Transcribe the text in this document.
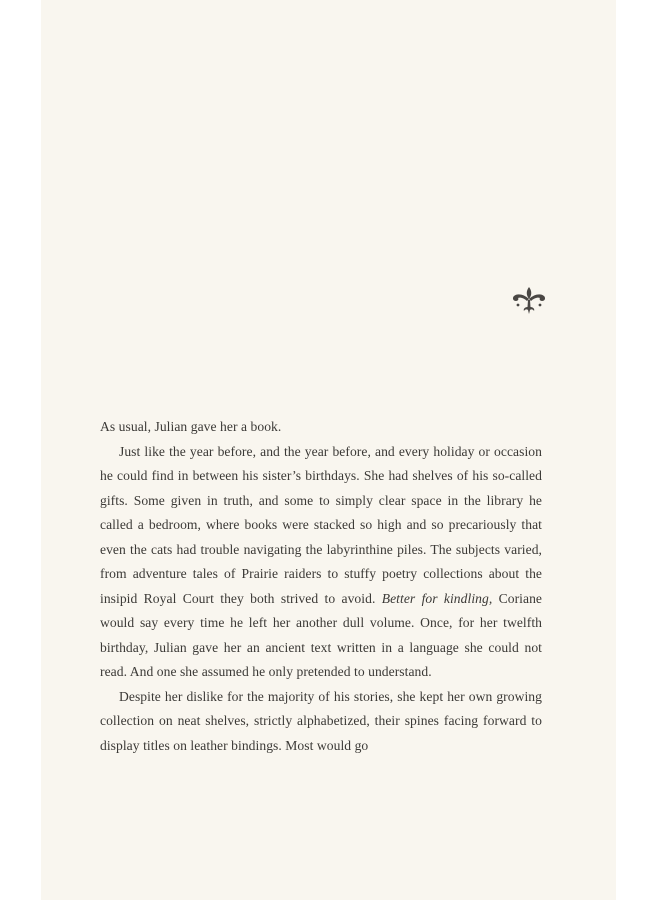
As usual, Julian gave her a book.

Just like the year before, and the year before, and every holiday or occasion he could find in between his sister’s birthdays. She had shelves of his so-called gifts. Some given in truth, and some to simply clear space in the library he called a bedroom, where books were stacked so high and so precariously that even the cats had trouble navigating the labyrinthine piles. The subjects varied, from adventure tales of Prairie raiders to stuffy poetry collections about the insipid Royal Court they both strived to avoid. Better for kindling, Coriane would say every time he left her another dull volume. Once, for her twelfth birthday, Julian gave her an ancient text written in a language she could not read. And one she assumed he only pretended to understand.

Despite her dislike for the majority of his stories, she kept her own growing collection on neat shelves, strictly alphabetized, their spines facing forward to display titles on leather bindings. Most would go
